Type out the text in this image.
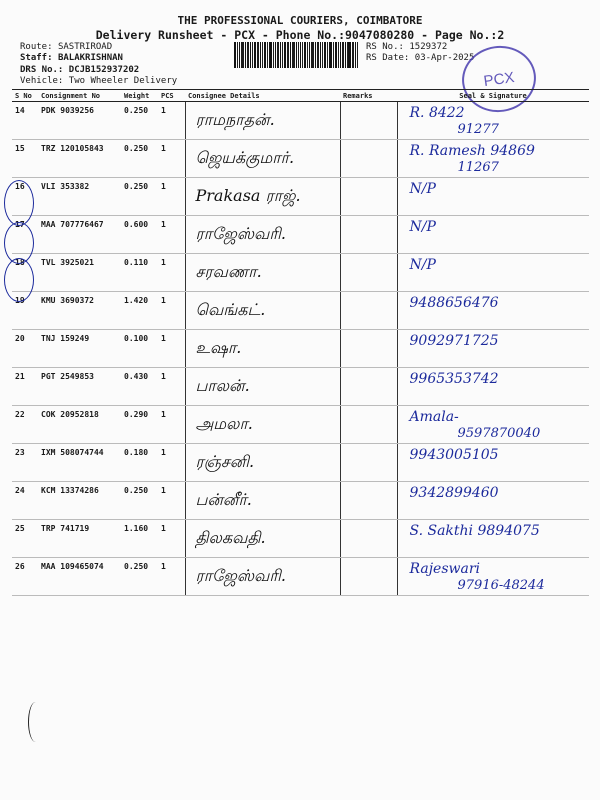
THE PROFESSIONAL COURIERS, COIMBATORE
Delivery Runsheet - PCX - Phone No.:9047080280 - Page No.:2
Route: SASTRIROAD
Staff: BALAKRISHNAN
DRS No.: DCJB152937202
Vehicle: Two Wheeler Delivery
RS No.: 1529372
RS Date: 03-Apr-2025
PCX
S No	Consignment No	Weight	PCS	Consignee Details	Remarks	Seal & Signature
14	PDK 9039256	0.250	1	ராமநாதன்.		R. 8422
91277

15	TRZ 120105843	0.250	1	ஜெயக்குமார்.		R. Ramesh 94869
11267

16	VLI 353382	0.250	1	Prakasa ராஜ்.		N/P

17	MAA 707776467	0.600	1	ராஜேஸ்வரி.		N/P

18	TVL 3925021	0.110	1	சரவணா.		N/P

19	KMU 3690372	1.420	1	வெங்கட்.		9488656476

20	TNJ 159249	0.100	1	உஷா.		9092971725

21	PGT 2549853	0.430	1	பாலன்.		9965353742

22	COK 20952818	0.290	1	அமலா.		Amala-
9597870040

23	IXM 508074744	0.180	1	ரஞ்சனி.		9943005105

24	KCM 13374286	0.250	1	பன்னீர்.		9342899460

25	TRP 741719	1.160	1	திலகவதி.		S. Sakthi 9894075

26	MAA 109465074	0.250	1	ராஜேஸ்வரி.		Rajeswari
97916-48244
